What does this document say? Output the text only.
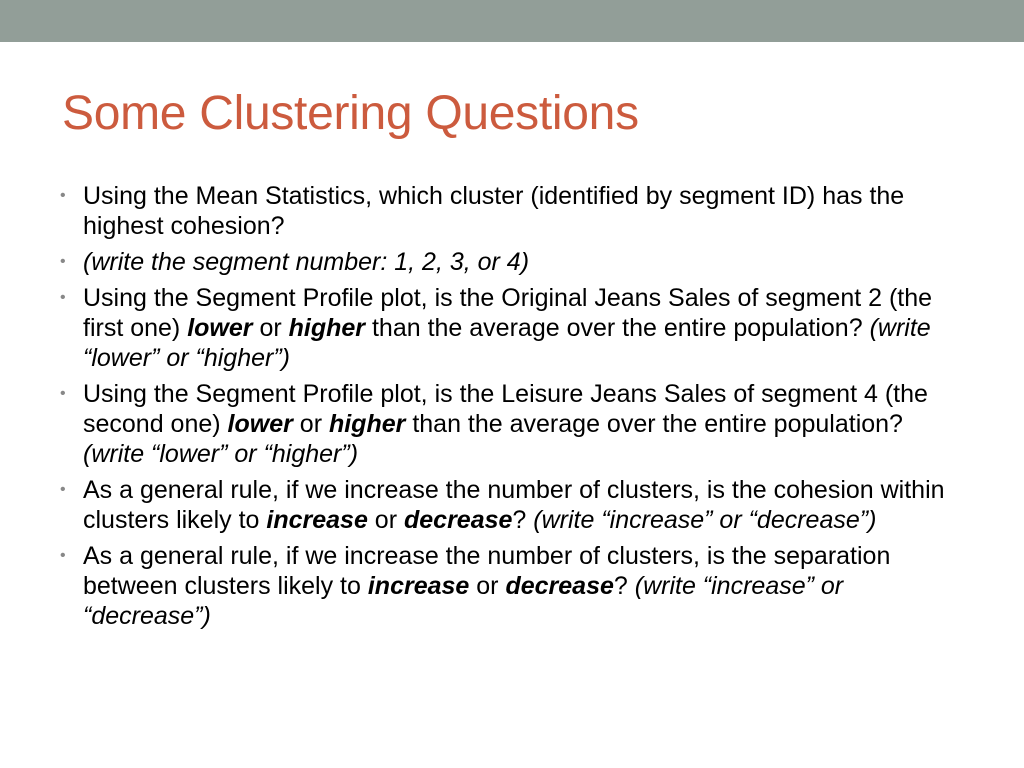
Some Clustering Questions
• Using the Mean Statistics, which cluster (identified by segment ID) has the highest cohesion?
• (write the segment number: 1, 2, 3, or 4)
• Using the Segment Profile plot, is the Original Jeans Sales of segment 2 (the first one) lower or higher than the average over the entire population? (write “lower” or “higher”)
• Using the Segment Profile plot, is the Leisure Jeans Sales of segment 4 (the second one) lower or higher than the average over the entire population? (write “lower” or “higher”)
• As a general rule, if we increase the number of clusters, is the cohesion within clusters likely to increase or decrease? (write “increase” or “decrease”)
• As a general rule, if we increase the number of clusters, is the separation between clusters likely to increase or decrease? (write “increase” or “decrease”)
